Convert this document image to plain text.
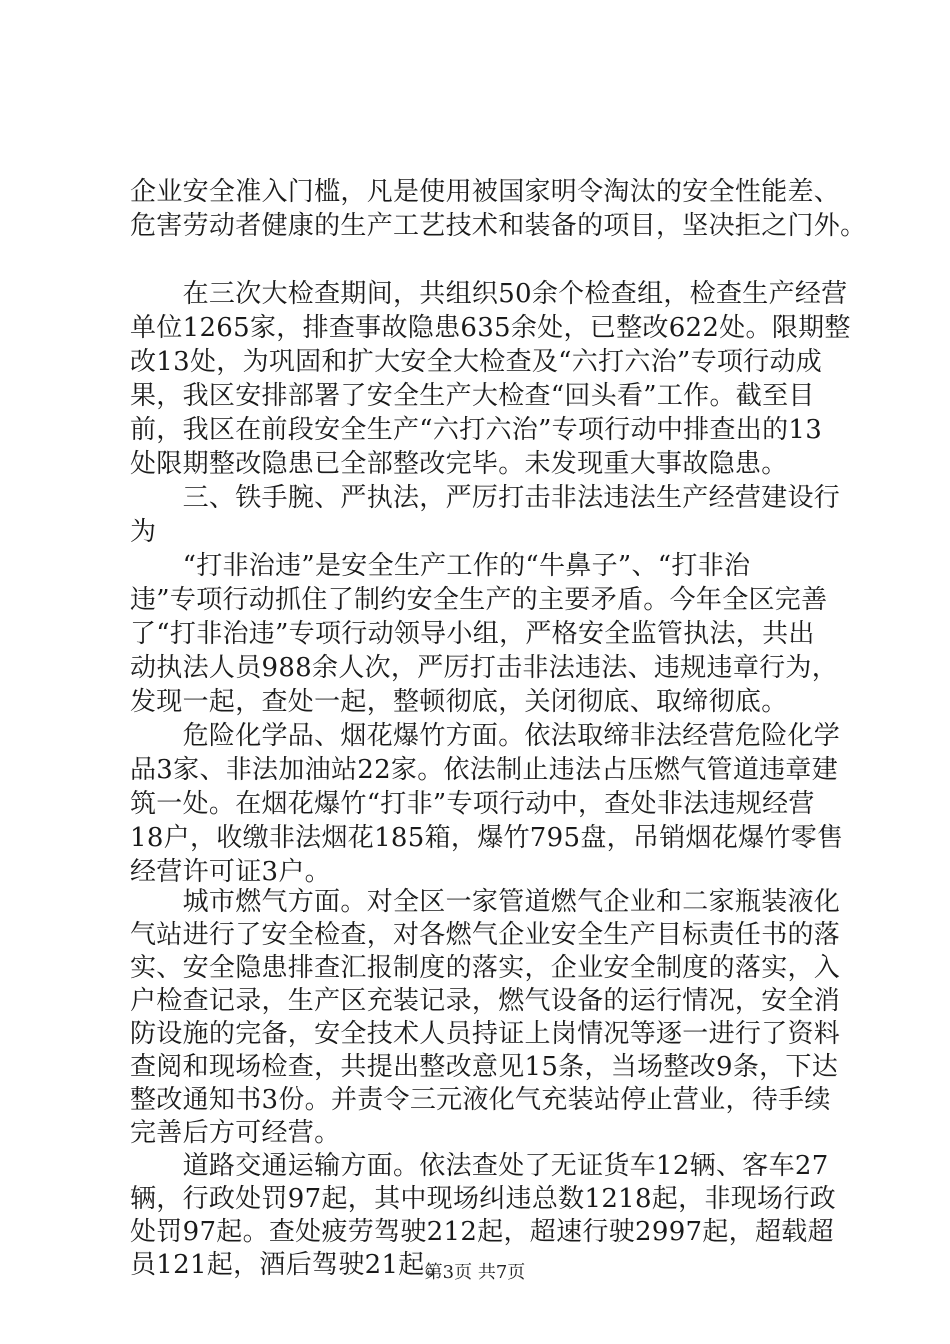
企业安全准入门槛，凡是使用被国家明令淘汰的安全性能差、
危害劳动者健康的生产工艺技术和装备的项目，坚决拒之门外。
　　在三次大检查期间，共组织50余个检查组，检查生产经营
单位1265家，排查事故隐患635余处，已整改622处。限期整
改13处，为巩固和扩大安全大检查及“六打六治”专项行动成
果，我区安排部署了安全生产大检查“回头看”工作。截至目
前，我区在前段安全生产“六打六治”专项行动中排查出的13
处限期整改隐患已全部整改完毕。未发现重大事故隐患。
　　三、铁手腕、严执法，严厉打击非法违法生产经营建设行
为
　　“打非治违”是安全生产工作的“牛鼻子”、“打非治
违”专项行动抓住了制约安全生产的主要矛盾。今年全区完善
了“打非治违”专项行动领导小组，严格安全监管执法，共出
动执法人员988余人次，严厉打击非法违法、违规违章行为，
发现一起，查处一起，整顿彻底，关闭彻底、取缔彻底。
　　危险化学品、烟花爆竹方面。依法取缔非法经营危险化学
品3家、非法加油站22家。依法制止违法占压燃气管道违章建
筑一处。在烟花爆竹“打非”专项行动中，查处非法违规经营
18户，收缴非法烟花185箱，爆竹795盘，吊销烟花爆竹零售
经营许可证3户。
　　城市燃气方面。对全区一家管道燃气企业和二家瓶装液化
气站进行了安全检查，对各燃气企业安全生产目标责任书的落
实、安全隐患排查汇报制度的落实，企业安全制度的落实，入
户检查记录，生产区充装记录，燃气设备的运行情况，安全消
防设施的完备，安全技术人员持证上岗情况等逐一进行了资料
查阅和现场检查，共提出整改意见15条，当场整改9条，下达
整改通知书3份。并责令三元液化气充装站停止营业，待手续
完善后方可经营。
　　道路交通运输方面。依法查处了无证货车12辆、客车27
辆，行政处罚97起，其中现场纠违总数1218起，非现场行政
处罚97起。查处疲劳驾驶212起，超速行驶2997起，超载超
员121起，酒后驾驶21起。
第3页 共7页
